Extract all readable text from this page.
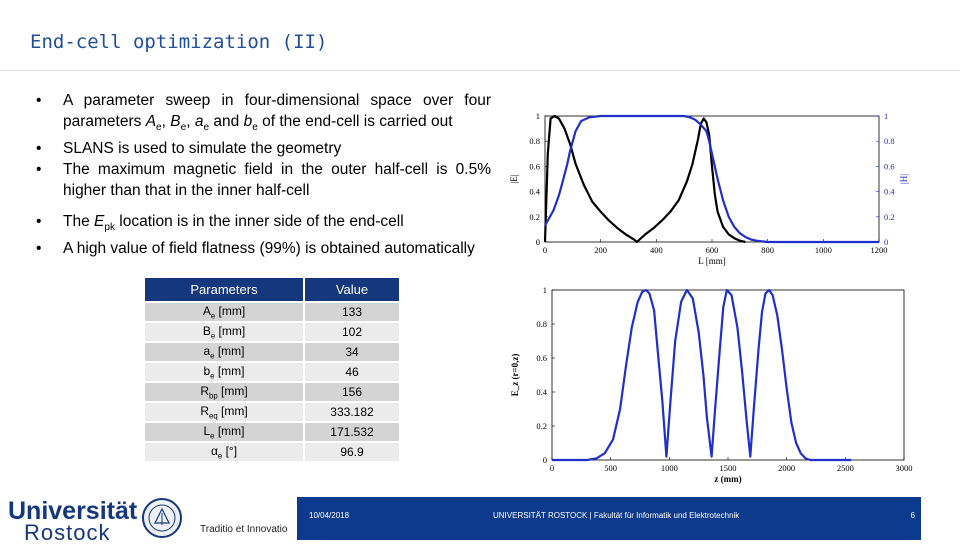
End-cell optimization (II)
• A parameter sweep in four-dimensional space over four parameters $A_e$, $B_e$, $a_e$ and $b_e$ of the end-cell is carried out
• SLANS is used to simulate the geometry
• The maximum magnetic field in the outer half-cell is 0.5% higher than that in the inner half-cell
• The $E_{pk}$ location is in the inner side of the end-cell
• A high value of field flatness (99%) is obtained automatically
Parameters	Value
$A_e$ [mm]	133
$B_e$ [mm]	102
$a_e$ [mm]	34
$b_e$ [mm]	46
$R_{bp}$ [mm]	156
$R_{eq}$ [mm]	333.182
$L_e$ [mm]	171.532
$\alpha_e$ [°]	96.9
0	200	400	600	800	1000	1200
0
0.2
0.4
0.6
0.8
1
0
0.2
0.4
0.6
0.8
1
L [mm]
|E|	|H|
0	500	1000	1500	2000	2500	3000
0
0.2
0.4
0.6
0.8
1
z (mm)
E_z (r=0,z)
Universität
Rostock	Traditio et Innovatio
10/04/2018	UNIVERSITÄT ROSTOCK | Fakultät für Informatik und Elektrotechnik	6
